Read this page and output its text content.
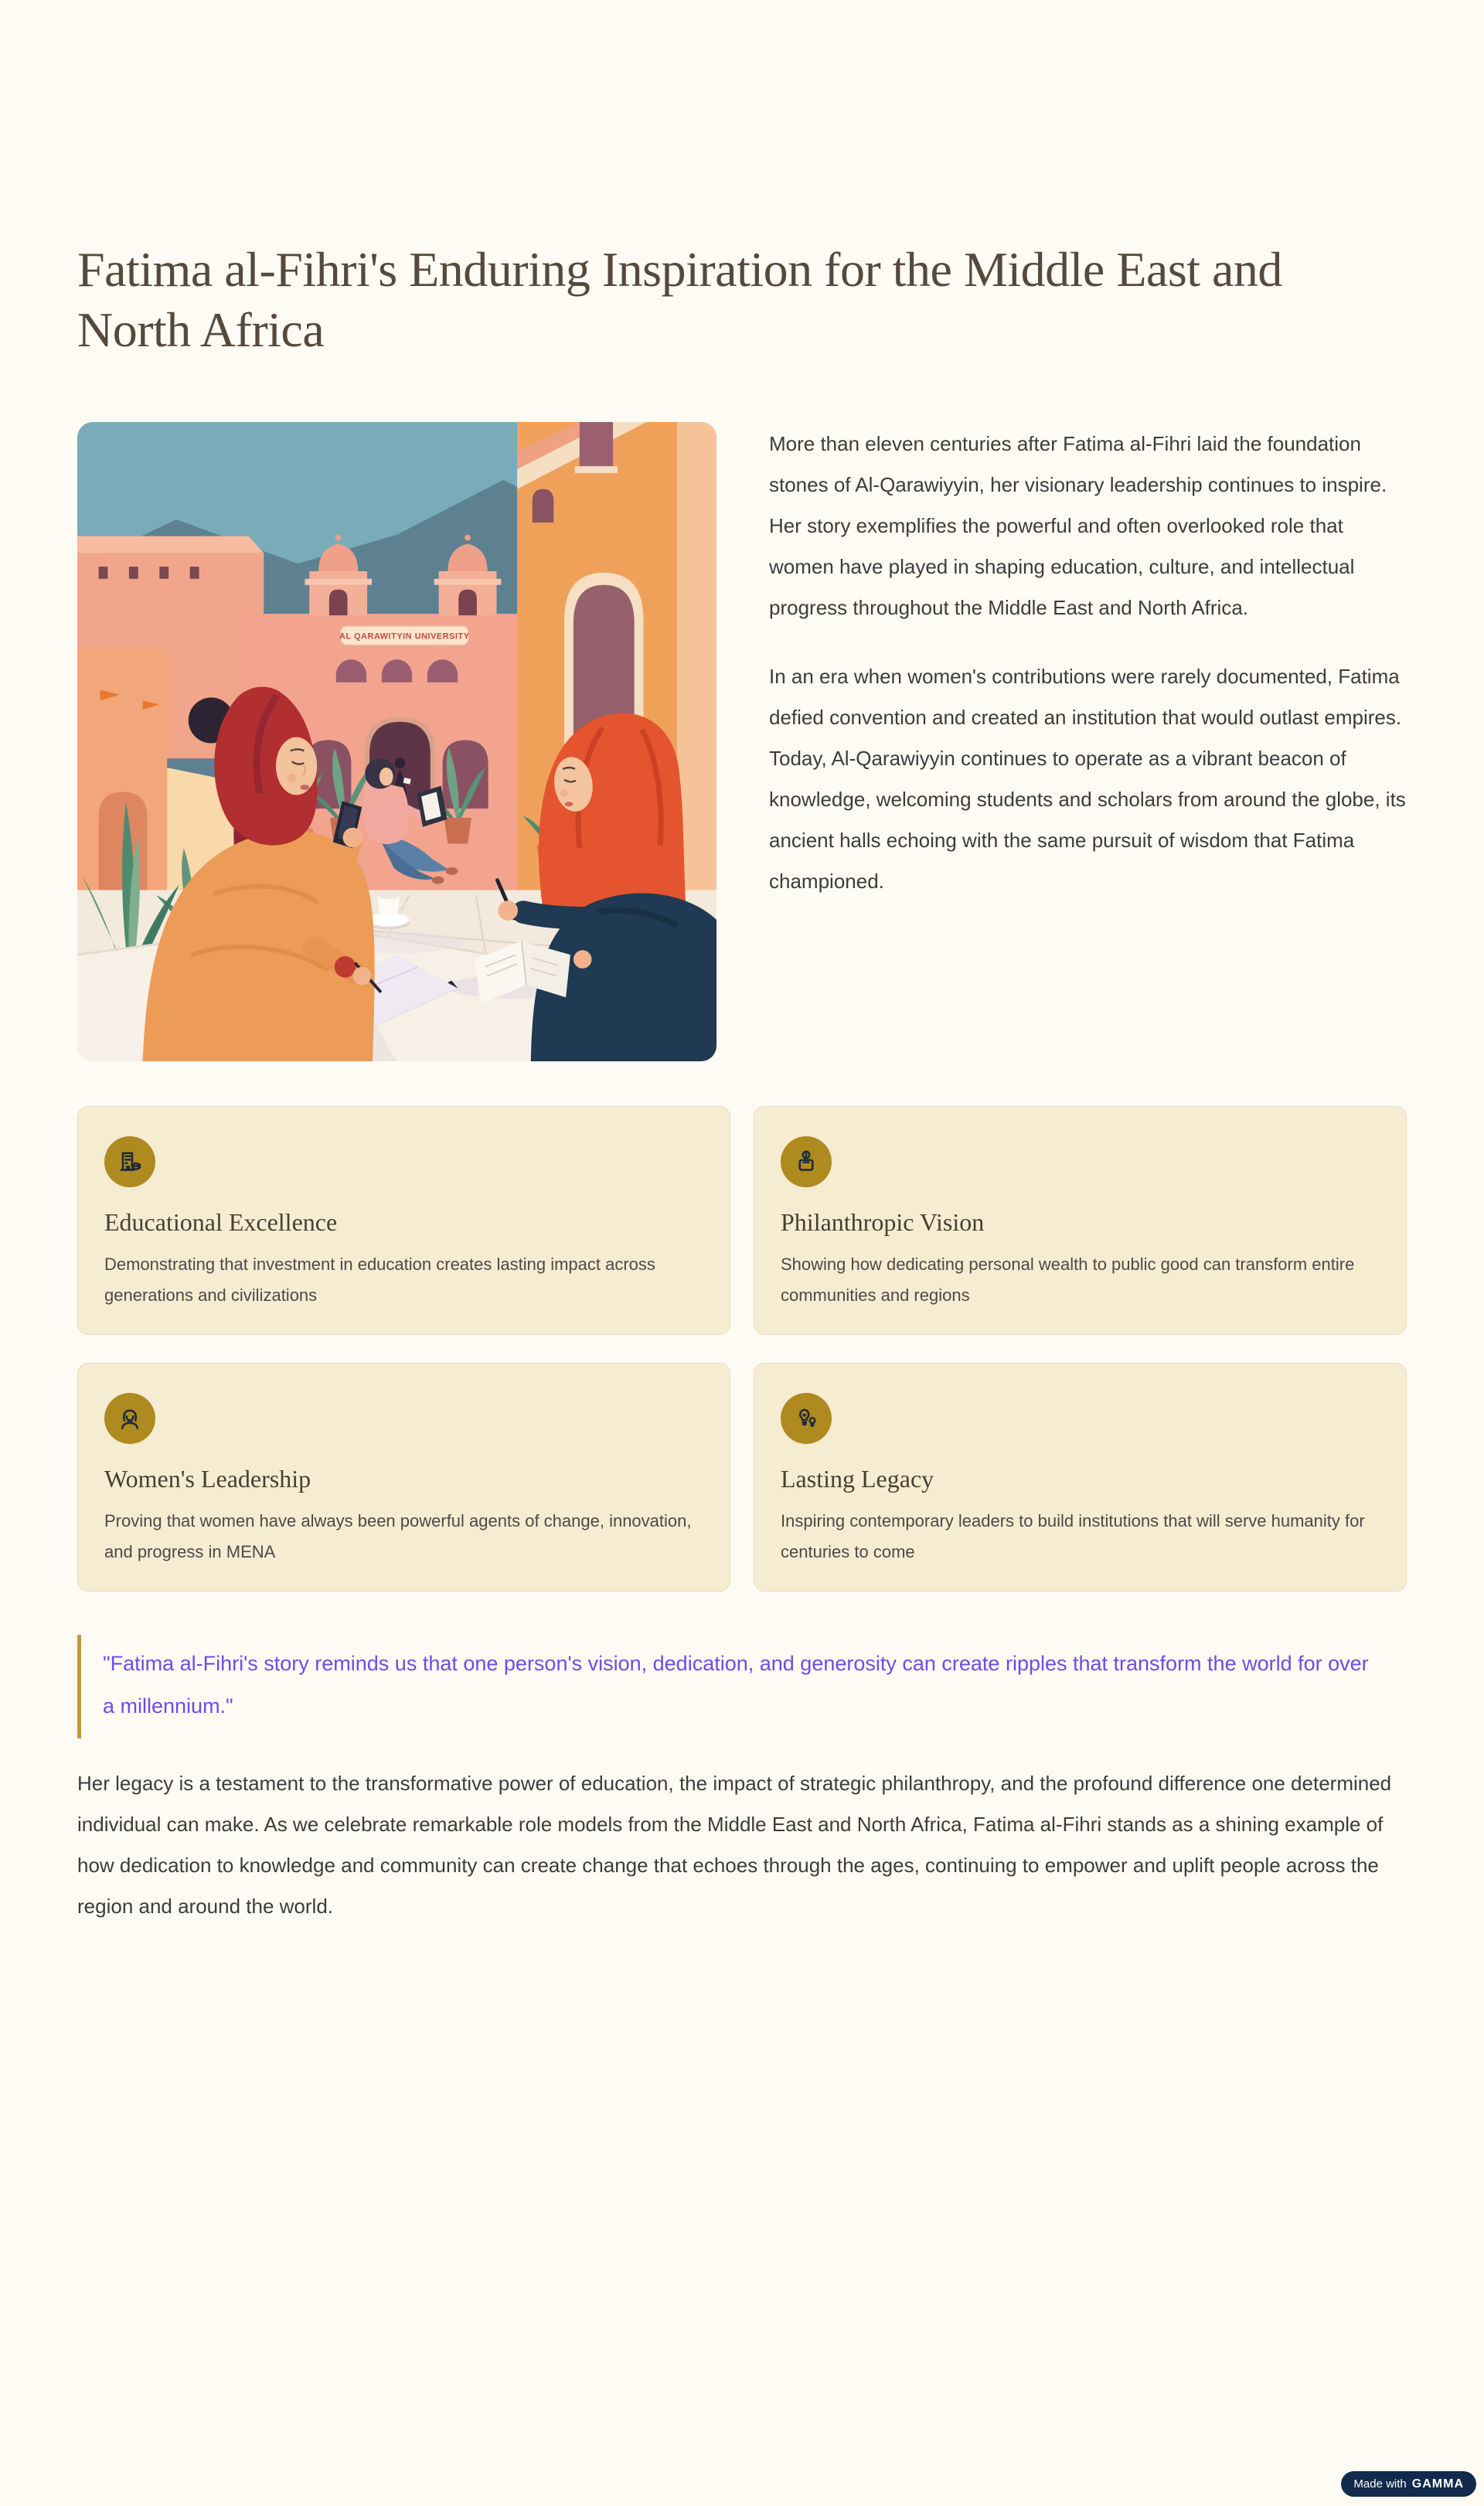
Fatima al-Fihri's Enduring Inspiration for the Middle East and North Africa
AL QARAWITYIN UNIVERSITY

More than eleven centuries after Fatima al-Fihri laid the foundation stones of Al-Qarawiyyin, her visionary leadership continues to inspire. Her story exemplifies the powerful and often overlooked role that women have played in shaping education, culture, and intellectual progress throughout the Middle East and North Africa.

In an era when women's contributions were rarely documented, Fatima defied convention and created an institution that would outlast empires. Today, Al-Qarawiyyin continues to operate as a vibrant beacon of knowledge, welcoming students and scholars from around the globe, its ancient halls echoing with the same pursuit of wisdom that Fatima championed.

Educational Excellence

Demonstrating that investment in education creates lasting impact across generations and civilizations

Philanthropic Vision

Showing how dedicating personal wealth to public good can transform entire communities and regions

Women's Leadership

Proving that women have always been powerful agents of change, innovation, and progress in MENA

Lasting Legacy

Inspiring contemporary leaders to build institutions that will serve humanity for centuries to come

"Fatima al-Fihri's story reminds us that one person's vision, dedication, and generosity can create ripples that transform the world for over a millennium."

Her legacy is a testament to the transformative power of education, the impact of strategic philanthropy, and the profound difference one determined individual can make. As we celebrate remarkable role models from the Middle East and North Africa, Fatima al-Fihri stands as a shining example of how dedication to knowledge and community can create change that echoes through the ages, continuing to empower and uplift people across the region and around the world.

Made with GAMMA
